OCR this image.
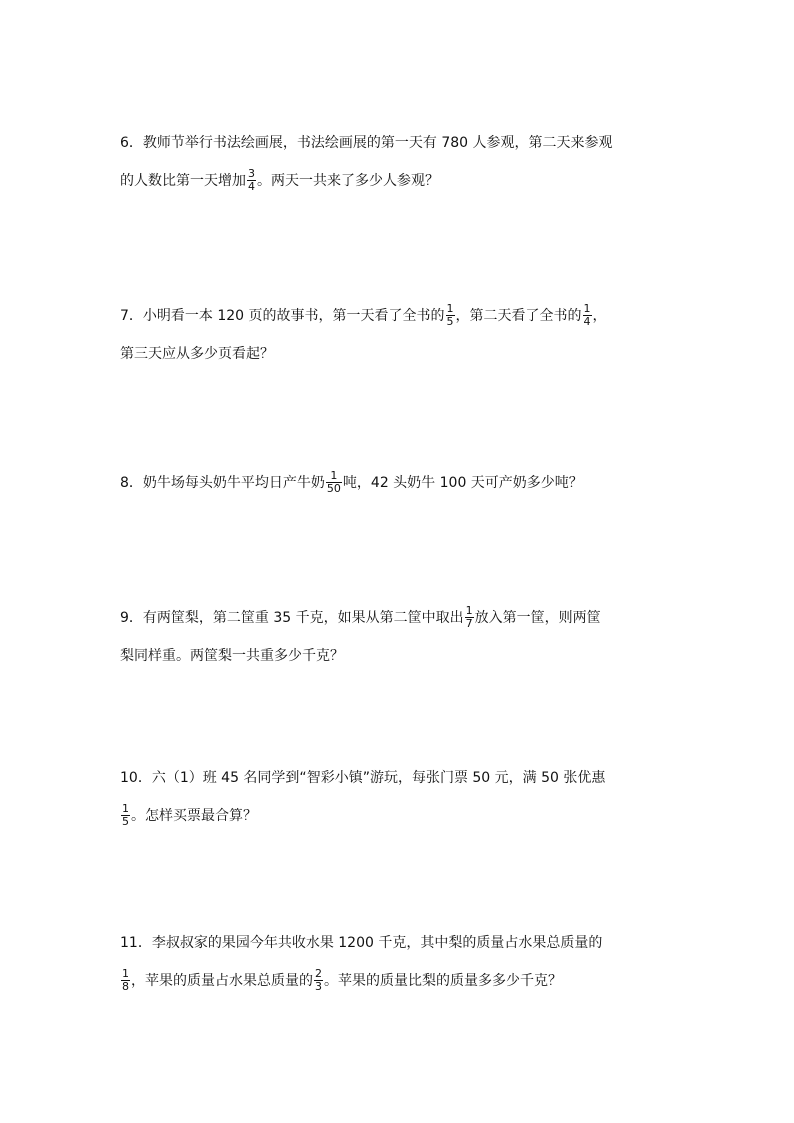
6．教师节举行书法绘画展，书法绘画展的第一天有 780 人参观，第二天来参观
的人数比第一天增加 $\frac{3}{4}$ 。两天一共来了多少人参观？
7．小明看一本 120 页的故事书，第一天看了全书的 $\frac{1}{5}$ ，第二天看了全书的 $\frac{1}{4}$ ，
第三天应从多少页看起？
8．奶牛场每头奶牛平均日产牛奶 $\frac{1}{50}$ 吨，42 头奶牛 100 天可产奶多少吨？
9．有两筐梨，第二筐重 35 千克，如果从第二筐中取出 $\frac{1}{7}$ 放入第一筐，则两筐
梨同样重。两筐梨一共重多少千克？
10．六（1）班 45 名同学到“智彩小镇”游玩，每张门票 50 元，满 50 张优惠
$\frac{1}{5}$ 。怎样买票最合算？
11．李叔叔家的果园今年共收水果 1200 千克，其中梨的质量占水果总质量的
$\frac{1}{8}$ ，苹果的质量占水果总质量的 $\frac{2}{3}$ 。苹果的质量比梨的质量多多少千克？
